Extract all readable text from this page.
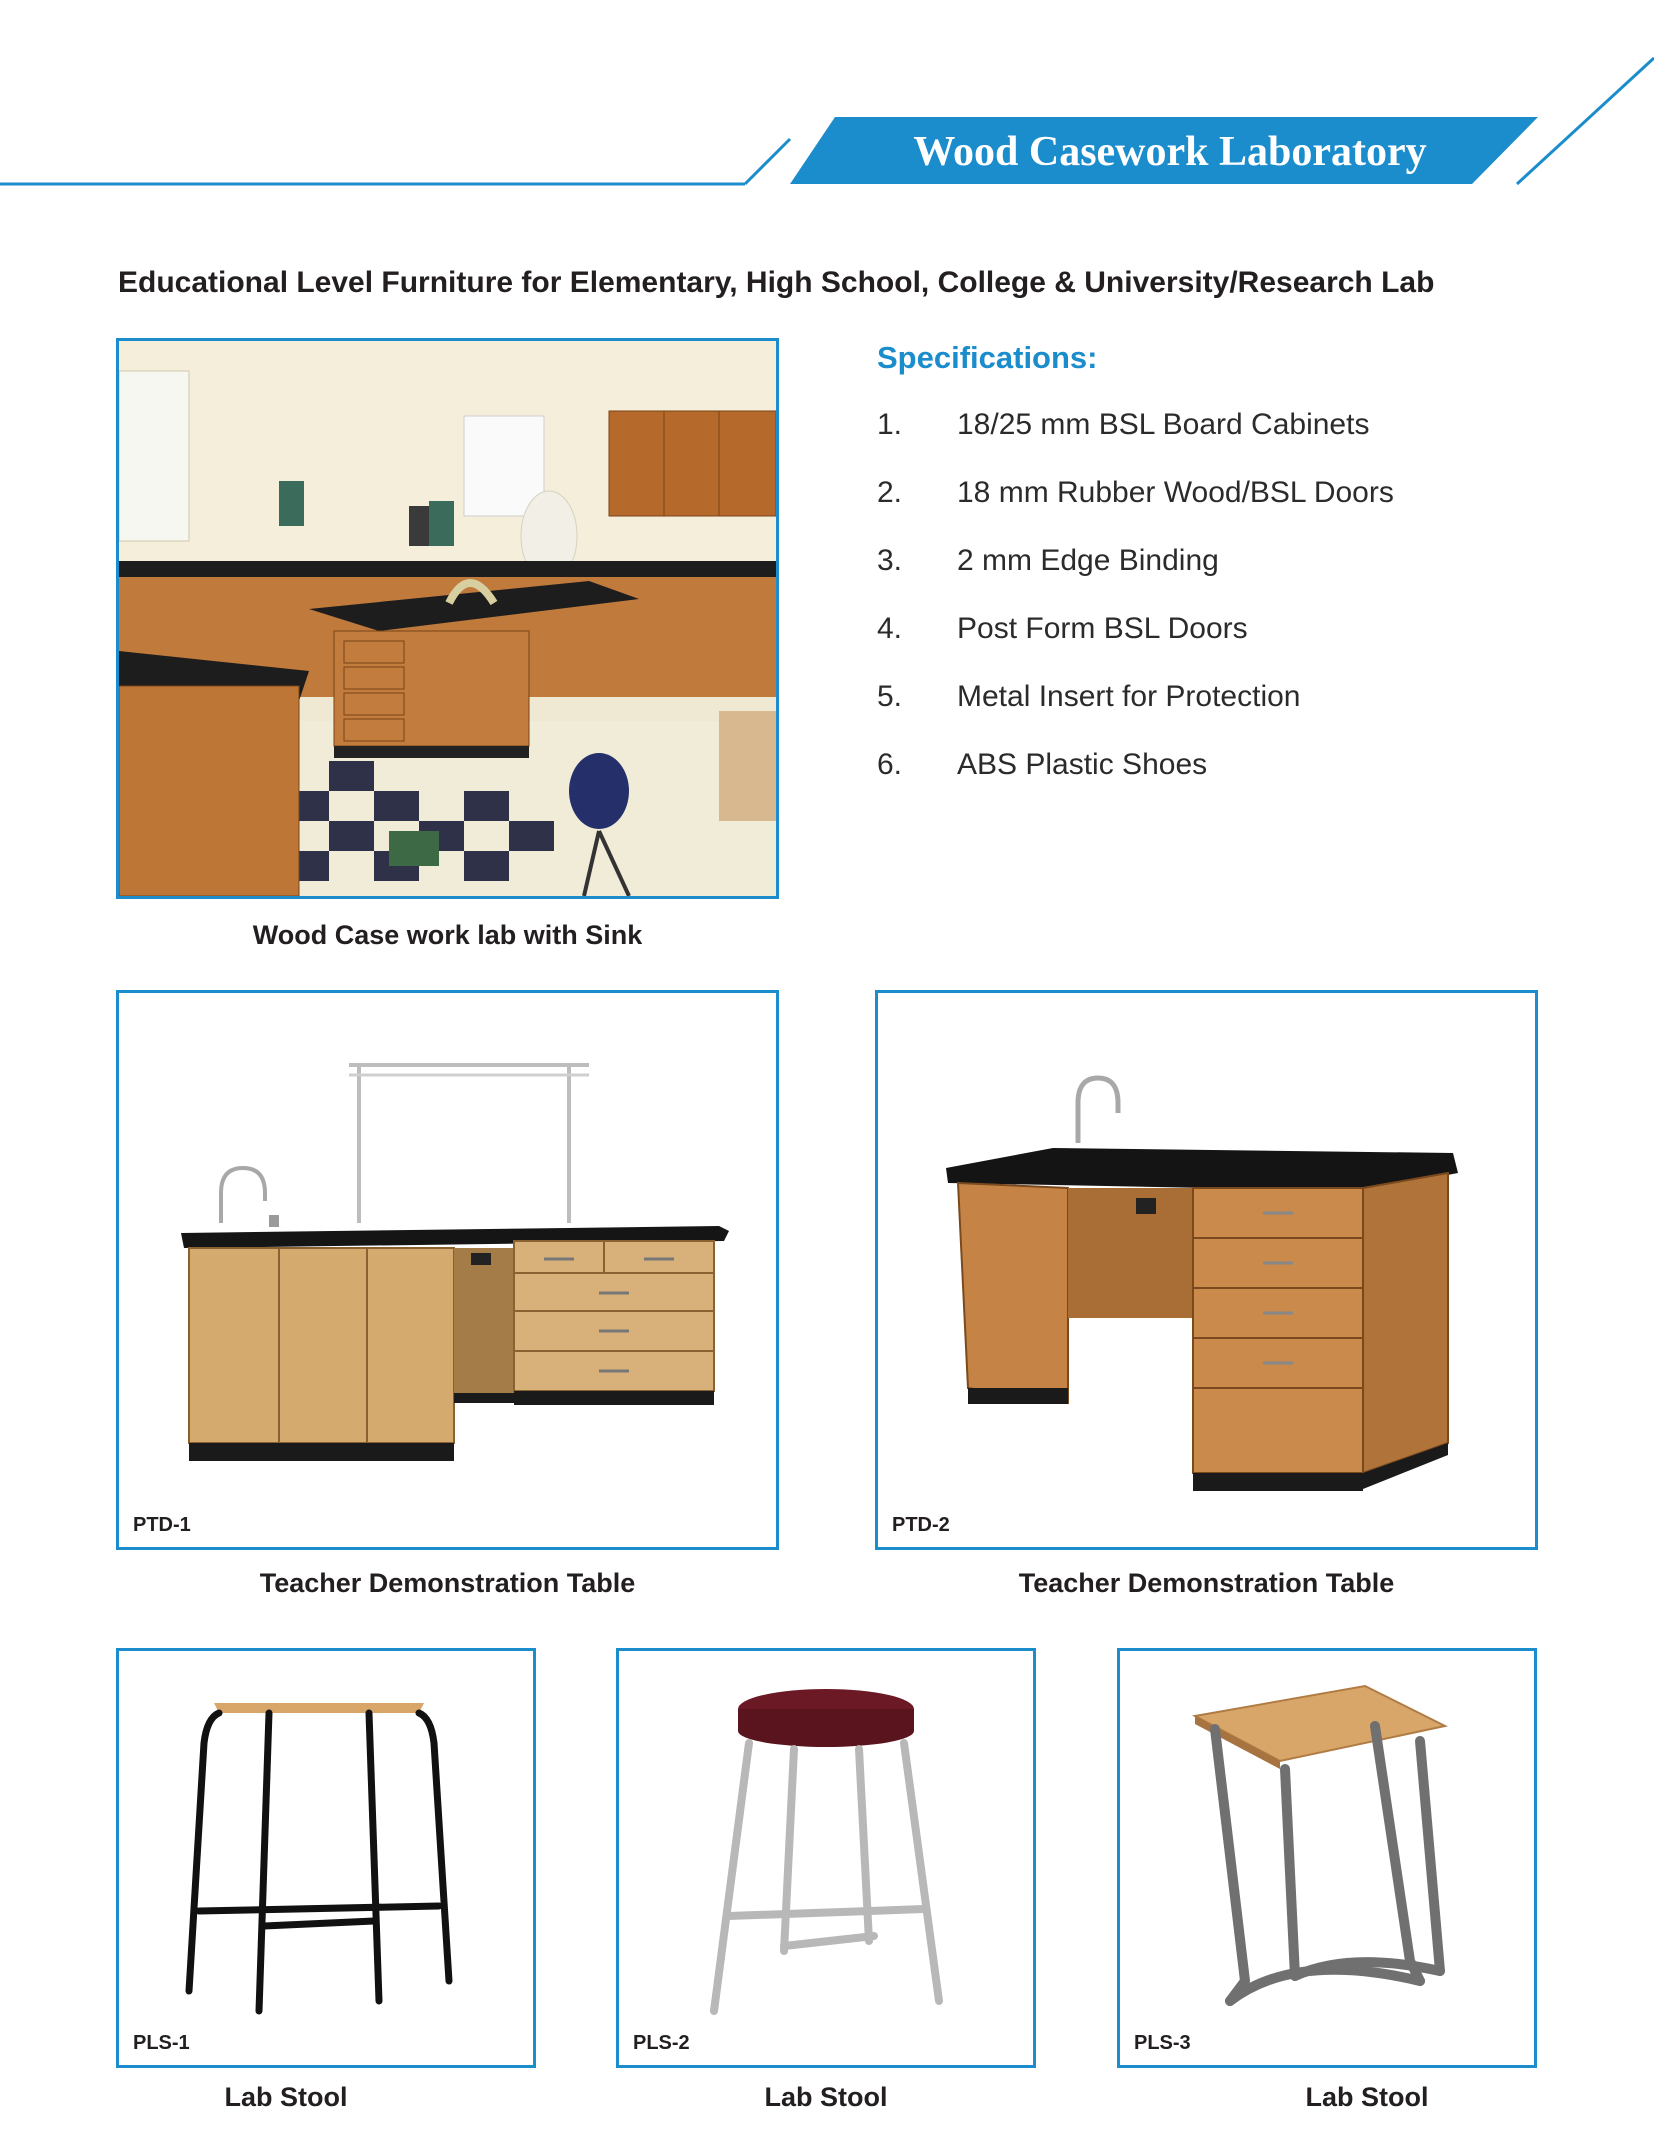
Wood Casework Laboratory
Educational Level Furniture for Elementary, High School, College & University/Research Lab
Specifications:
1. 18/25 mm BSL Board Cabinets
2. 18 mm Rubber Wood/BSL Doors
3. 2 mm Edge Binding
4. Post Form BSL Doors
5. Metal Insert for Protection
6. ABS Plastic Shoes
Wood Case work lab with Sink
PTD-1
Teacher Demonstration Table
PTD-2
Teacher Demonstration Table
PLS-1
Lab Stool
PLS-2
Lab Stool
PLS-3
Lab Stool
